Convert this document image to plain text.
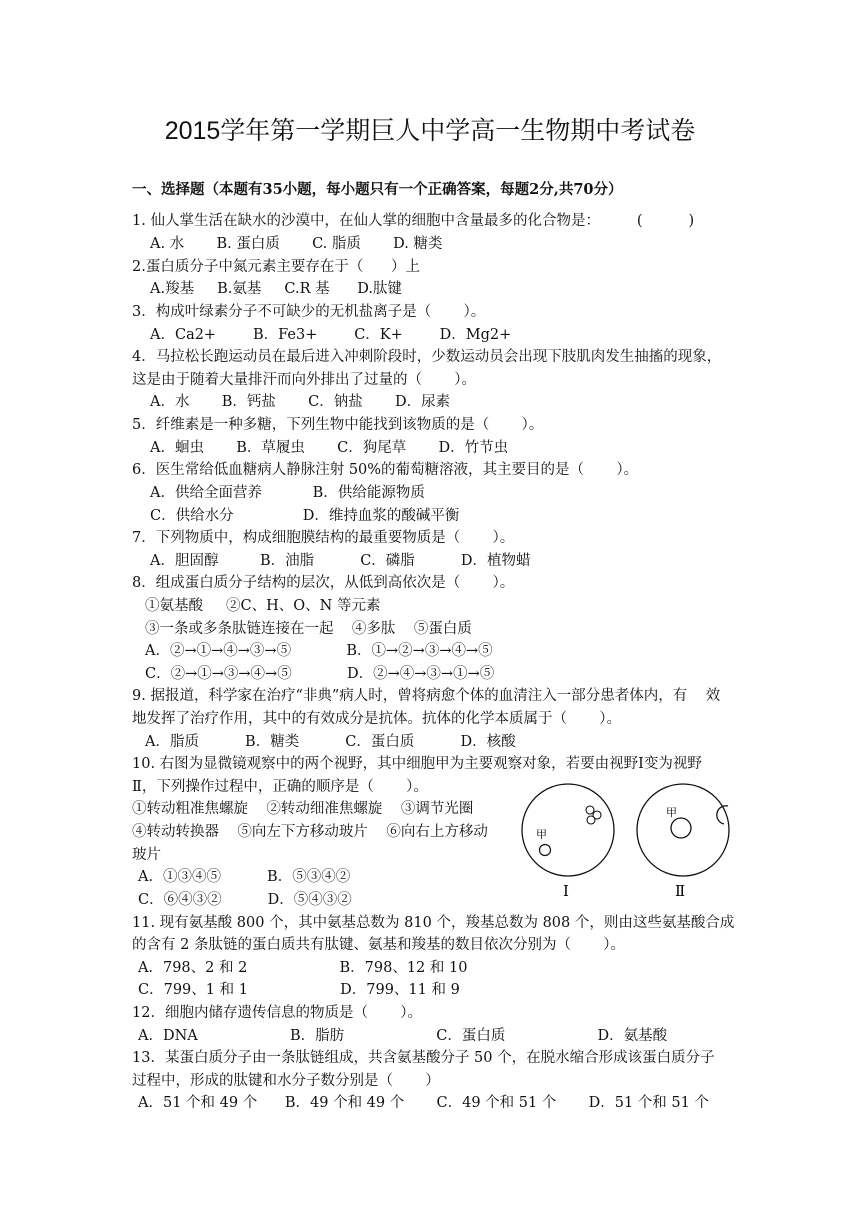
2015学年第一学期巨人中学高一生物期中考试卷
一、选择题（本题有35小题，每小题只有一个正确答案，每题2分,共70分）
1. 仙人掌生活在缺水的沙漠中，在仙人掌的细胞中含量最多的化合物是：        (          )
A. 水       B. 蛋白质       C. 脂质       D. 糖类
2.蛋白质分子中氮元素主要存在于（      ）上
A.羧基     B.氨基     C.R 基      D.肽键
3．构成叶绿素分子不可缺少的无机盐离子是（       ）。
A．Ca2+        B．Fe3+        C．K+        D．Mg2+
4．马拉松长跑运动员在最后进入冲刺阶段时，少数运动员会出现下肢肌肉发生抽搐的现象，
这是由于随着大量排汗而向外排出了过量的（       ）。
A．水       B．钙盐       C．钠盐       D．尿素
5．纤维素是一种多糖，下列生物中能找到该物质的是（       ）。
A．蛔虫       B．草履虫       C．狗尾草       D．竹节虫
6．医生常给低血糖病人静脉注射 50%的葡萄糖溶液，其主要目的是（       ）。
A．供给全面营养           B．供给能源物质
C．供给水分               D．维持血浆的酸碱平衡
7．下列物质中，构成细胞膜结构的最重要物质是（       ）。
A．胆固醇         B．油脂          C．磷脂          D．植物蜡
8．组成蛋白质分子结构的层次，从低到高依次是（       ）。
①氨基酸     ②C、H、O、N 等元素
③一条或多条肽链连接在一起    ④多肽    ⑤蛋白质
A．②→①→④→③→⑤            B．①→②→③→④→⑤
C．②→①→③→④→⑤            D．②→④→③→①→⑤
9. 据报道，科学家在治疗“非典”病人时，曾将病愈个体的血清注入一部分患者体内，有    效
地发挥了治疗作用，其中的有效成分是抗体。抗体的化学本质属于（       ）。
A．脂质          B．糖类          C．蛋白质          D．核酸
10. 右图为显微镜观察中的两个视野，其中细胞甲为主要观察对象，若要由视野Ⅰ变为视野
Ⅱ，下列操作过程中，正确的顺序是（       ）。
①转动粗准焦螺旋    ②转动细准焦螺旋    ③调节光圈
④转动转换器    ⑤向左下方移动玻片    ⑥向右上方移动
玻片
A．①③④⑤          B．⑤③④②
C．⑥④③②          D．⑤④③②
11. 现有氨基酸 800 个，其中氨基总数为 810 个，羧基总数为 808 个，则由这些氨基酸合成
的含有 2 条肽链的蛋白质共有肽键、氨基和羧基的数目依次分别为（       ）。
A．798、2 和 2                    B．798、12 和 10
C．799、1 和 1                    D．799、11 和 9
12．细胞内储存遗传信息的物质是（       ）。
A．DNA                    B．脂肪                    C．蛋白质                    D．氨基酸
13．某蛋白质分子由一条肽链组成，共含氨基酸分子 50 个，在脱水缩合形成该蛋白质分子
过程中，形成的肽键和水分子数分别是（       ）
A．51 个和 49 个      B．49 个和 49 个       C．49 个和 51 个       D．51 个和 51 个
甲
Ⅰ
甲
Ⅱ
